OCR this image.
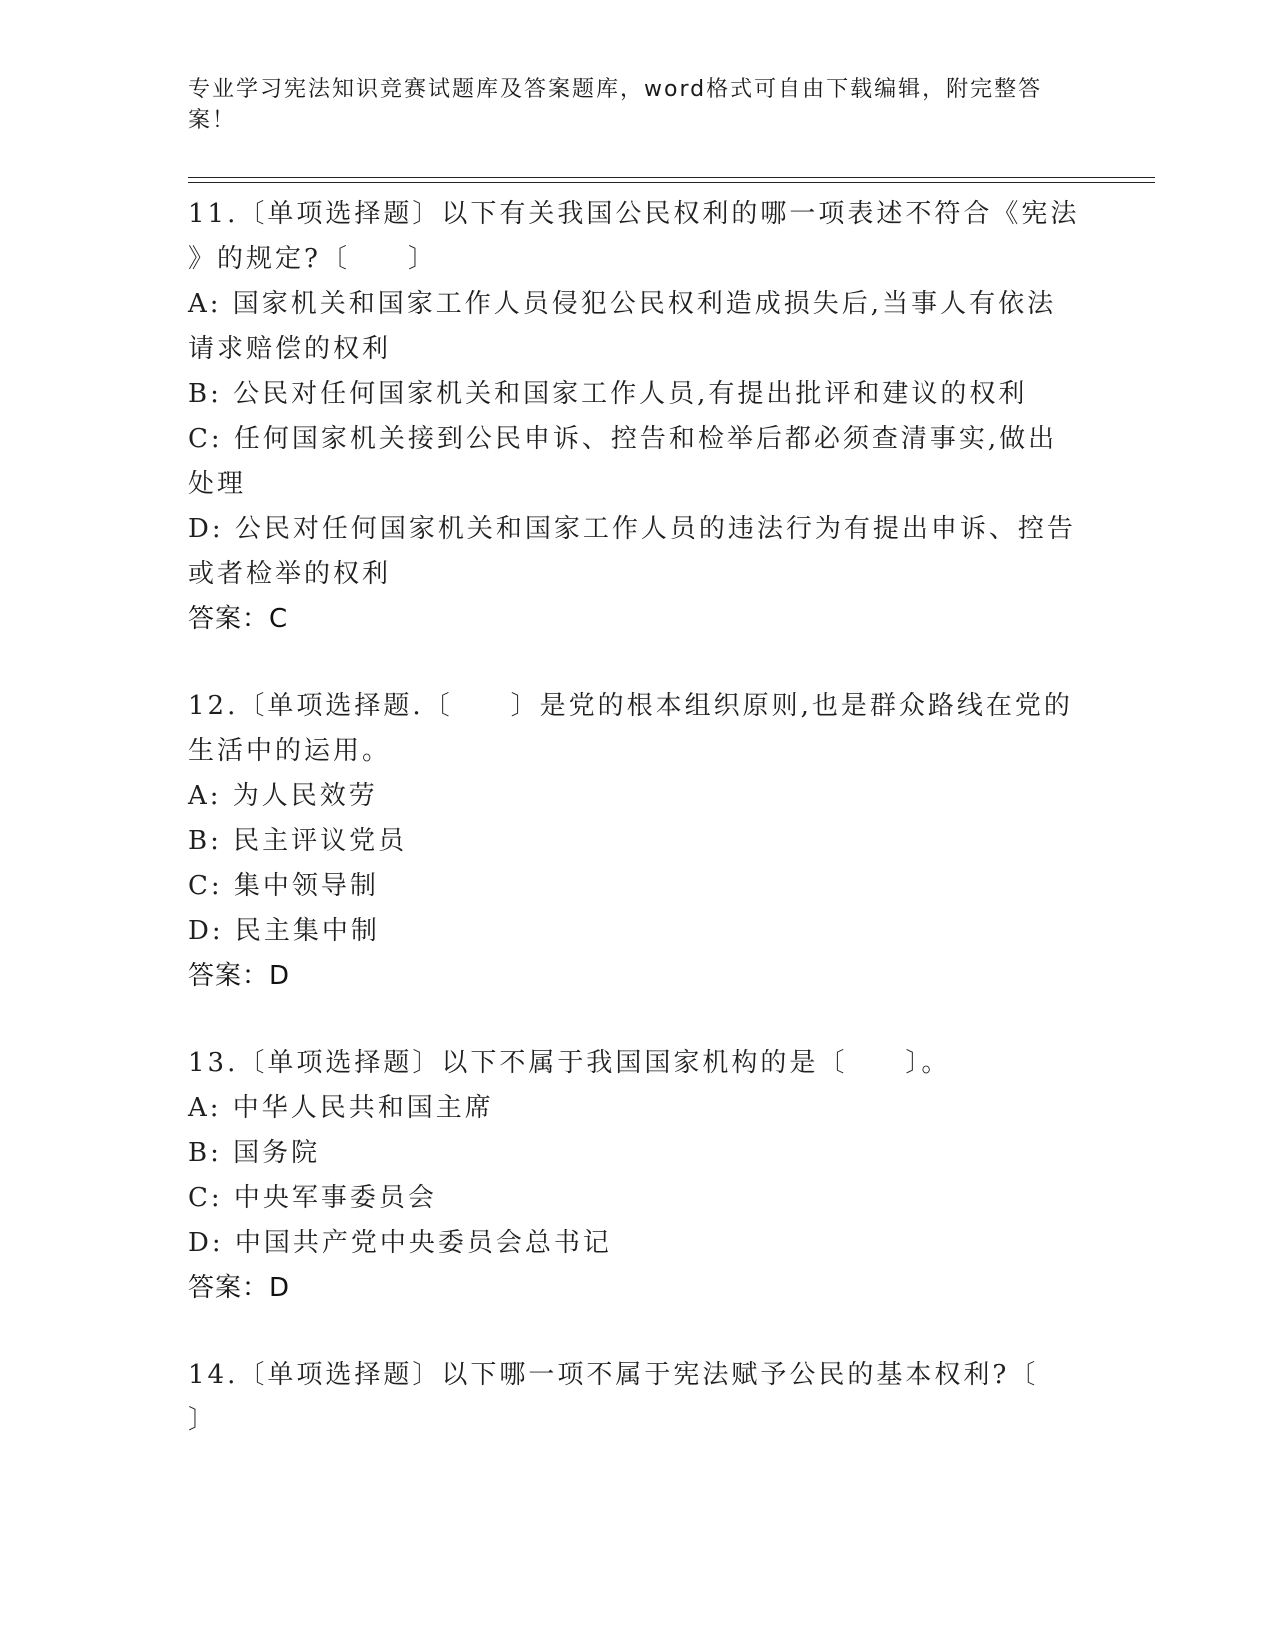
专业学习宪法知识竞赛试题库及答案题库，word格式可自由下载编辑，附完整答
案！
11.〔单项选择题〕以下有关我国公民权利的哪一项表述不符合《宪法
》的规定?〔　　〕
A: 国家机关和国家工作人员侵犯公民权利造成损失后,当事人有依法
请求赔偿的权利
B: 公民对任何国家机关和国家工作人员,有提出批评和建议的权利
C: 任何国家机关接到公民申诉、控告和检举后都必须查清事实,做出
处理
D: 公民对任何国家机关和国家工作人员的违法行为有提出申诉、控告
或者检举的权利
答案：C
12.〔单项选择题.〔　　〕是党的根本组织原则,也是群众路线在党的
生活中的运用。
A: 为人民效劳
B: 民主评议党员
C: 集中领导制
D: 民主集中制
答案：D
13.〔单项选择题〕以下不属于我国国家机构的是〔　　〕。
A: 中华人民共和国主席
B: 国务院
C: 中央军事委员会
D: 中国共产党中央委员会总书记
答案：D
14.〔单项选择题〕以下哪一项不属于宪法赋予公民的基本权利?〔
〕
